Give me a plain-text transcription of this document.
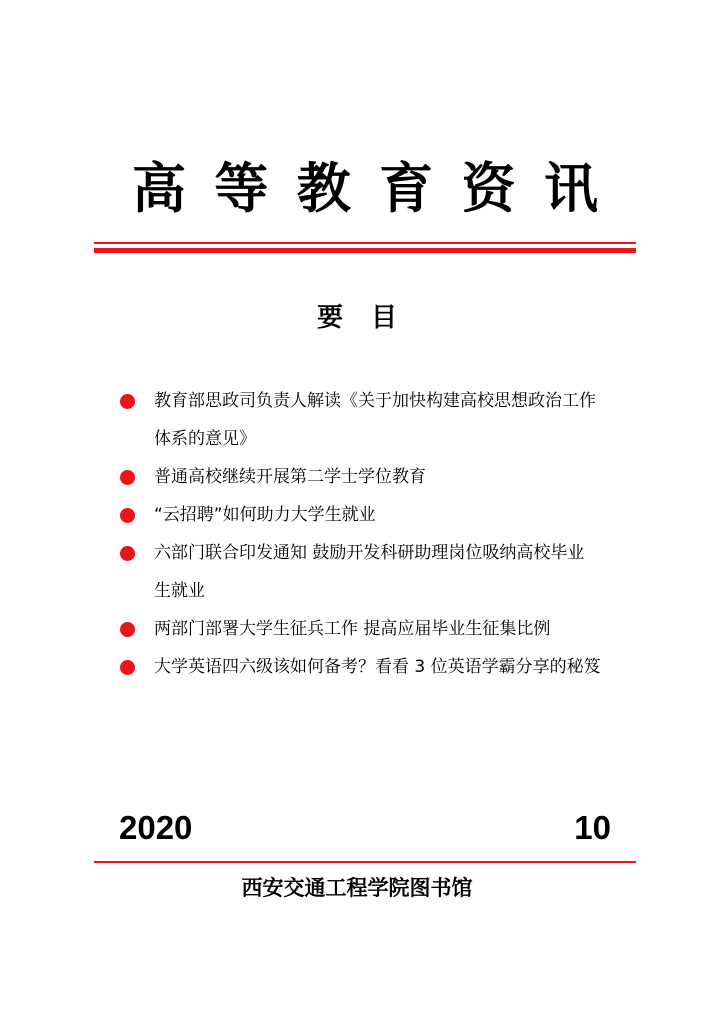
高 等 教 育 资 讯
要目
教育部思政司负责人解读《关于加快构建高校思想政治工作
体系的意见》
普通高校继续开展第二学士学位教育
“云招聘”如何助力大学生就业
六部门联合印发通知 鼓励开发科研助理岗位吸纳高校毕业
生就业
两部门部署大学生征兵工作 提高应届毕业生征集比例
大学英语四六级该如何备考？看看 3 位英语学霸分享的秘笈
2020	10
西安交通工程学院图书馆
